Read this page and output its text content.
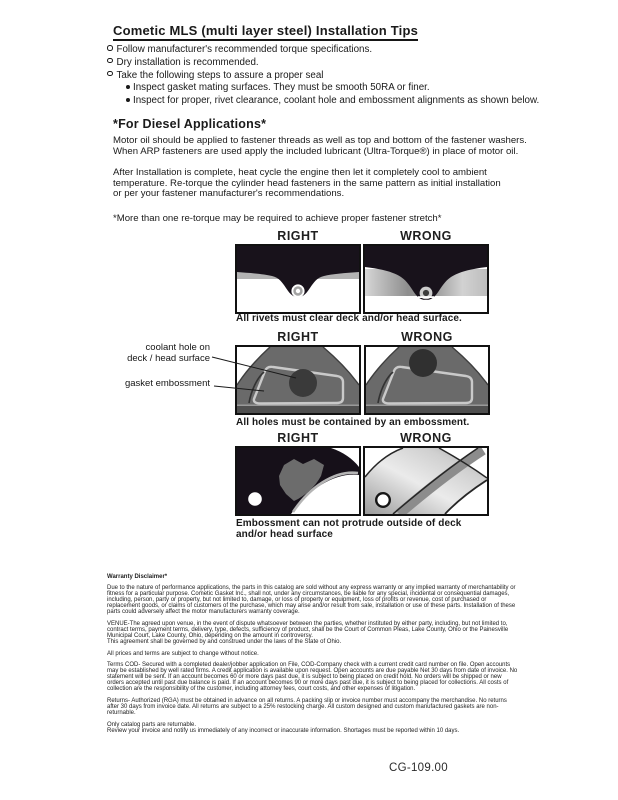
Cometic MLS (multi layer steel) Installation Tips
Follow manufacturer's recommended torque specifications.
Dry installation is recommended.
Take the following steps to assure a proper seal
Inspect gasket mating surfaces. They must be smooth 50RA or finer.
Inspect for proper, rivet clearance, coolant hole and embossment alignments as shown below.
*For Diesel Applications*
Motor oil should be applied to fastener threads as well as top and bottom of the fastener washers.
When ARP fasteners are used apply the included lubricant (Ultra-Torque®) in place of motor oil.
After Installation is complete, heat cycle the engine then let it completely cool to ambient
temperature. Re-torque the cylinder head fasteners in the same pattern as initial installation
or per your fastener manufacturer's recommendations.
*More than one re-torque may be required to achieve proper fastener stretch*
RIGHT	WRONG
All rivets must clear deck and/or head surface.
RIGHT	WRONG
coolant hole on
deck / head surface
gasket embossment
All holes must be contained by an embossment.
RIGHT	WRONG
Embossment can not protrude outside of deck
and/or head surface
Warranty Disclaimer*
Due to the nature of performance applications, the parts in this catalog are sold without any express warranty or any implied warranty of merchantability or fitness for a particular purpose. Cometic Gasket Inc., shall not, under any circumstances, be liable for any special, incidental or consequential damages, including, person, party or property, but not limited to, damage, or loss of property or equipment, loss of profits or revenue, cost of purchased or replacement goods, or claims of customers of the purchase, which may arise and/or result from sale, installation or use of these parts. Installation of these parts could adversely affect the motor manufacturers warranty coverage.
VENUE-The agreed upon venue, in the event of dispute whatsoever between the parties, whether instituted by either party, including, but not limited to, contract terms, payment terms, delivery, type, defects, sufficiency of product, shall be the Court of Common Pleas, Lake County, Ohio or the Painesville Municipal Court, Lake County, Ohio, depending on the amount in controversy.
This agreement shall be governed by and construed under the laws of the State of Ohio.
All prices and terms are subject to change without notice.
Terms COD- Secured with a completed dealer/jobber application on File, COD-Company check with a current credit card number on file. Open accounts may be established by well rated firms. A credit application is available upon request. Open accounts are due payable Net 30 days from date of invoice. No statement will be sent. If an account becomes 60 or more days past due, it is subject to being placed on credit hold. No orders will be shipped or new orders accepted until past due balance is paid. If an account becomes 90 or more days past due, it is subject to being placed for collections. All costs of collection are the responsibility of the customer, including attorney fees, court costs, and other expenses of litigation.
Returns- Authorized (RGA) must be obtained in advance on all returns. A packing slip or invoice number must accompany the merchandise. No returns after 30 days from invoice date. All returns are subject to a 25% restocking charge. All custom designed and custom manufactured gaskets are non-returnable.
Only catalog parts are returnable.
Review your invoice and notify us immediately of any incorrect or inaccurate information. Shortages must be reported within 10 days.
CG-109.00
